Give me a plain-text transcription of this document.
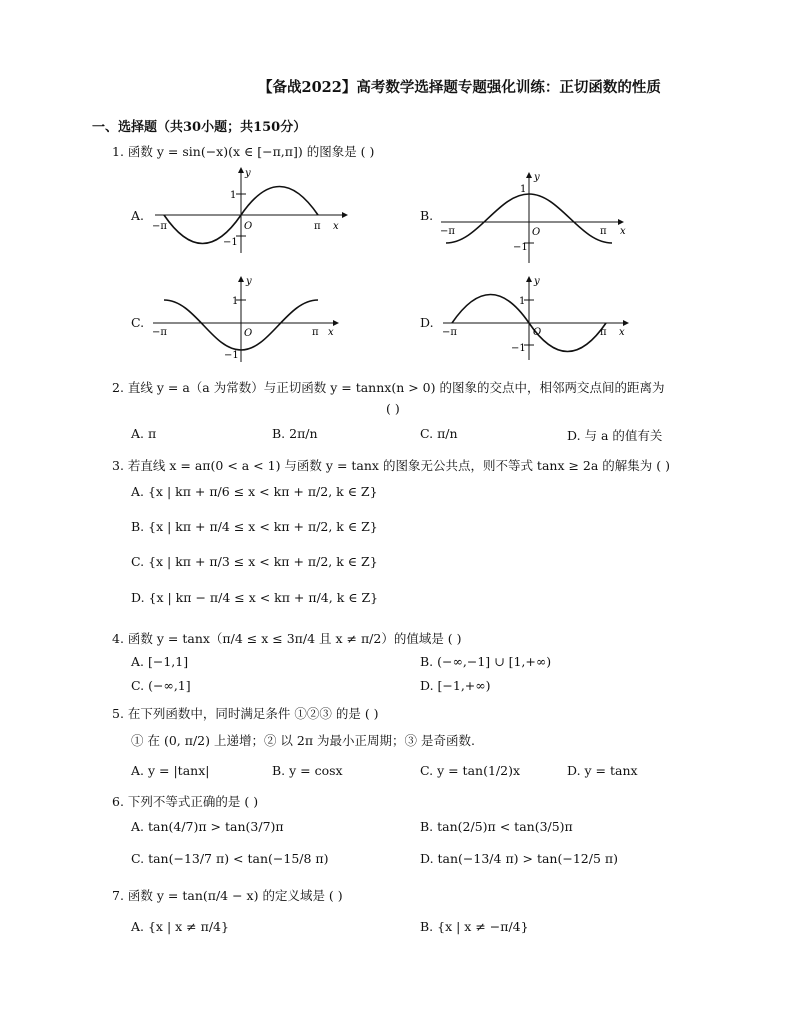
【备战2022】高考数学选择题专题强化训练：正切函数的性质
一、选择题（共30小题；共150分）
1. 函数 y = sin(−x)(x ∈ [−π,π]) 的图象是 ( )
A.	B.
C.	D.
y
x
O
1
−1
−π	π
y
x
O
1
−1
−π	π
y
x
O
1
−1
−π	π
y
x
O
1
−1
−π	π
2. 直线 y = a（a 为常数）与正切函数 y = tannx(n > 0) 的图象的交点中，相邻两交点间的距离为
( )
A. π	B. 2π/n	C. π/n	D. 与 a 的值有关
3. 若直线 x = aπ(0 < a < 1) 与函数 y = tanx 的图象无公共点，则不等式 tanx ≥ 2a 的解集为 ( )
A. {x | kπ + π/6 ≤ x < kπ + π/2, k ∈ Z}
B. {x | kπ + π/4 ≤ x < kπ + π/2, k ∈ Z}
C. {x | kπ + π/3 ≤ x < kπ + π/2, k ∈ Z}
D. {x | kπ − π/4 ≤ x < kπ + π/4, k ∈ Z}
4. 函数 y = tanx（π/4 ≤ x ≤ 3π/4 且 x ≠ π/2）的值域是 ( )
A. [−1,1]	B. (−∞,−1] ∪ [1,+∞)
C. (−∞,1]	D. [−1,+∞)
5. 在下列函数中，同时满足条件 ①②③ 的是 ( )
① 在 (0, π/2) 上递增；② 以 2π 为最小正周期；③ 是奇函数.
A. y = |tanx|	B. y = cosx	C. y = tan(1/2)x	D. y = tanx
6. 下列不等式正确的是 ( )
A. tan(4/7)π > tan(3/7)π	B. tan(2/5)π < tan(3/5)π
C. tan(−13/7 π) < tan(−15/8 π)	D. tan(−13/4 π) > tan(−12/5 π)
7. 函数 y = tan(π/4 − x) 的定义域是 ( )
A. {x | x ≠ π/4}	B. {x | x ≠ −π/4}
